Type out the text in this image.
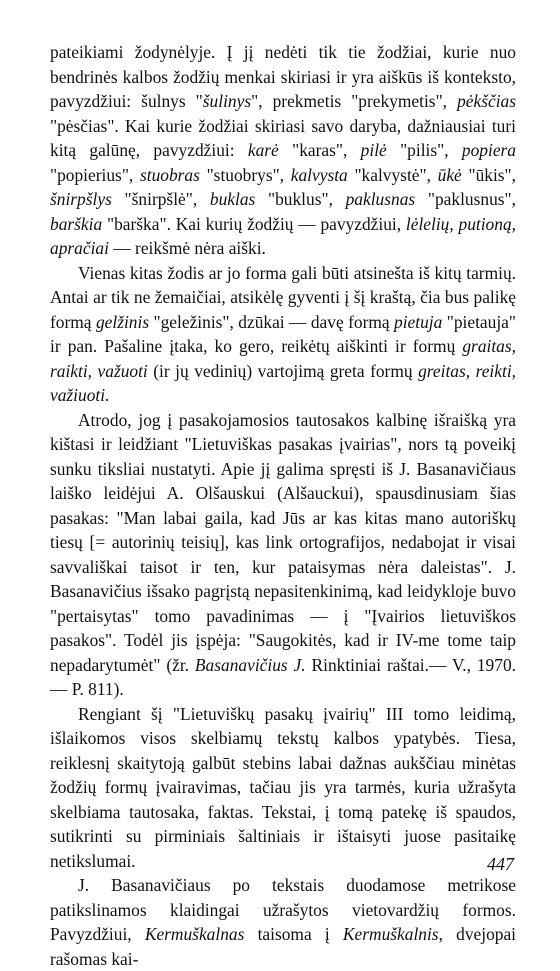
pateikiami žodynėlyje. Į jį nedėti tik tie žodžiai, kurie nuo bendrinės kalbos žodžių menkai skiriasi ir yra aiškūs iš konteksto, pavyzdžiui: šulnys "šulinys", prekmetis "prekymetis", pėkščias "pėsčias". Kai kurie žodžiai skiriasi savo daryba, dažniausiai turi kitą galūnę, pavyzdžiui: karė "karas", pilė "pilis", popiera "popierius", stuobras "stuobrys", kalvysta "kalvystė", ūkė "ūkis", šnirpšlys "šnirpšlė", buklas "buklus", paklusnas "paklusnus", barškia "barška". Kai kurių žodžių — pavyzdžiui, lėlelių, putioną, apračiai — reikšmė nėra aiški.

Vienas kitas žodis ar jo forma gali būti atsinešta iš kitų tarmių. Antai ar tik ne žemaičiai, atsikėlę gyventi į šį kraštą, čia bus palikę formą gelžinis "geležinis", dzūkai — davę formą pietuja "pietauja" ir pan. Pašaline įtaka, ko gero, reikėtų aiškinti ir formų graitas, raikti, važuoti (ir jų vedinių) vartojimą greta formų greitas, reikti, važiuoti.

Atrodo, jog į pasakojamosios tautosakos kalbinę išraišką yra kištasi ir leidžiant "Lietuviškas pasakas įvairias", nors tą poveikį sunku tiksliai nustatyti. Apie jį galima spręsti iš J. Basanavičiaus laiško leidėjui A. Olšauskui (Alšauckui), spausdinusiam šias pasakas: "Man labai gaila, kad Jūs ar kas kitas mano autoriškų tiesų [= autorinių teisių], kas link ortografijos, nedabojat ir visai savvališkai taisot ir ten, kur pataisymas nėra daleistas". J. Basanavičius išsako pagrįstą nepasitenkinimą, kad leidykloje buvo "pertaisytas" tomo pavadinimas — į "Įvairios lietuviškos pasakos". Todėl jis įspėja: "Saugokitės, kad ir IV-me tome taip nepadarytumėt" (žr. Basanavičius J. Rinktiniai raštai.— V., 1970.— P. 811).

Rengiant šį "Lietuviškų pasakų įvairių" III tomo leidimą, išlaikomos visos skelbiamų tekstų kalbos ypatybės. Tiesa, reiklesnį skaitytoją galbūt stebins labai dažnas aukščiau minėtas žodžių formų įvairavimas, tačiau jis yra tarmės, kuria užrašyta skelbiama tautosaka, faktas. Tekstai, į tomą patekę iš spaudos, sutikrinti su pirminiais šaltiniais ir ištaisyti juose pasitaikę netikslumai.

J. Basanavičiaus po tekstais duodamose metrikose patikslinamos klaidingai užrašytos vietovardžių formos. Pavyzdžiui, Kermuškalnas taisoma į Kermuškalnis, dvejopai rašomas kai-

447
